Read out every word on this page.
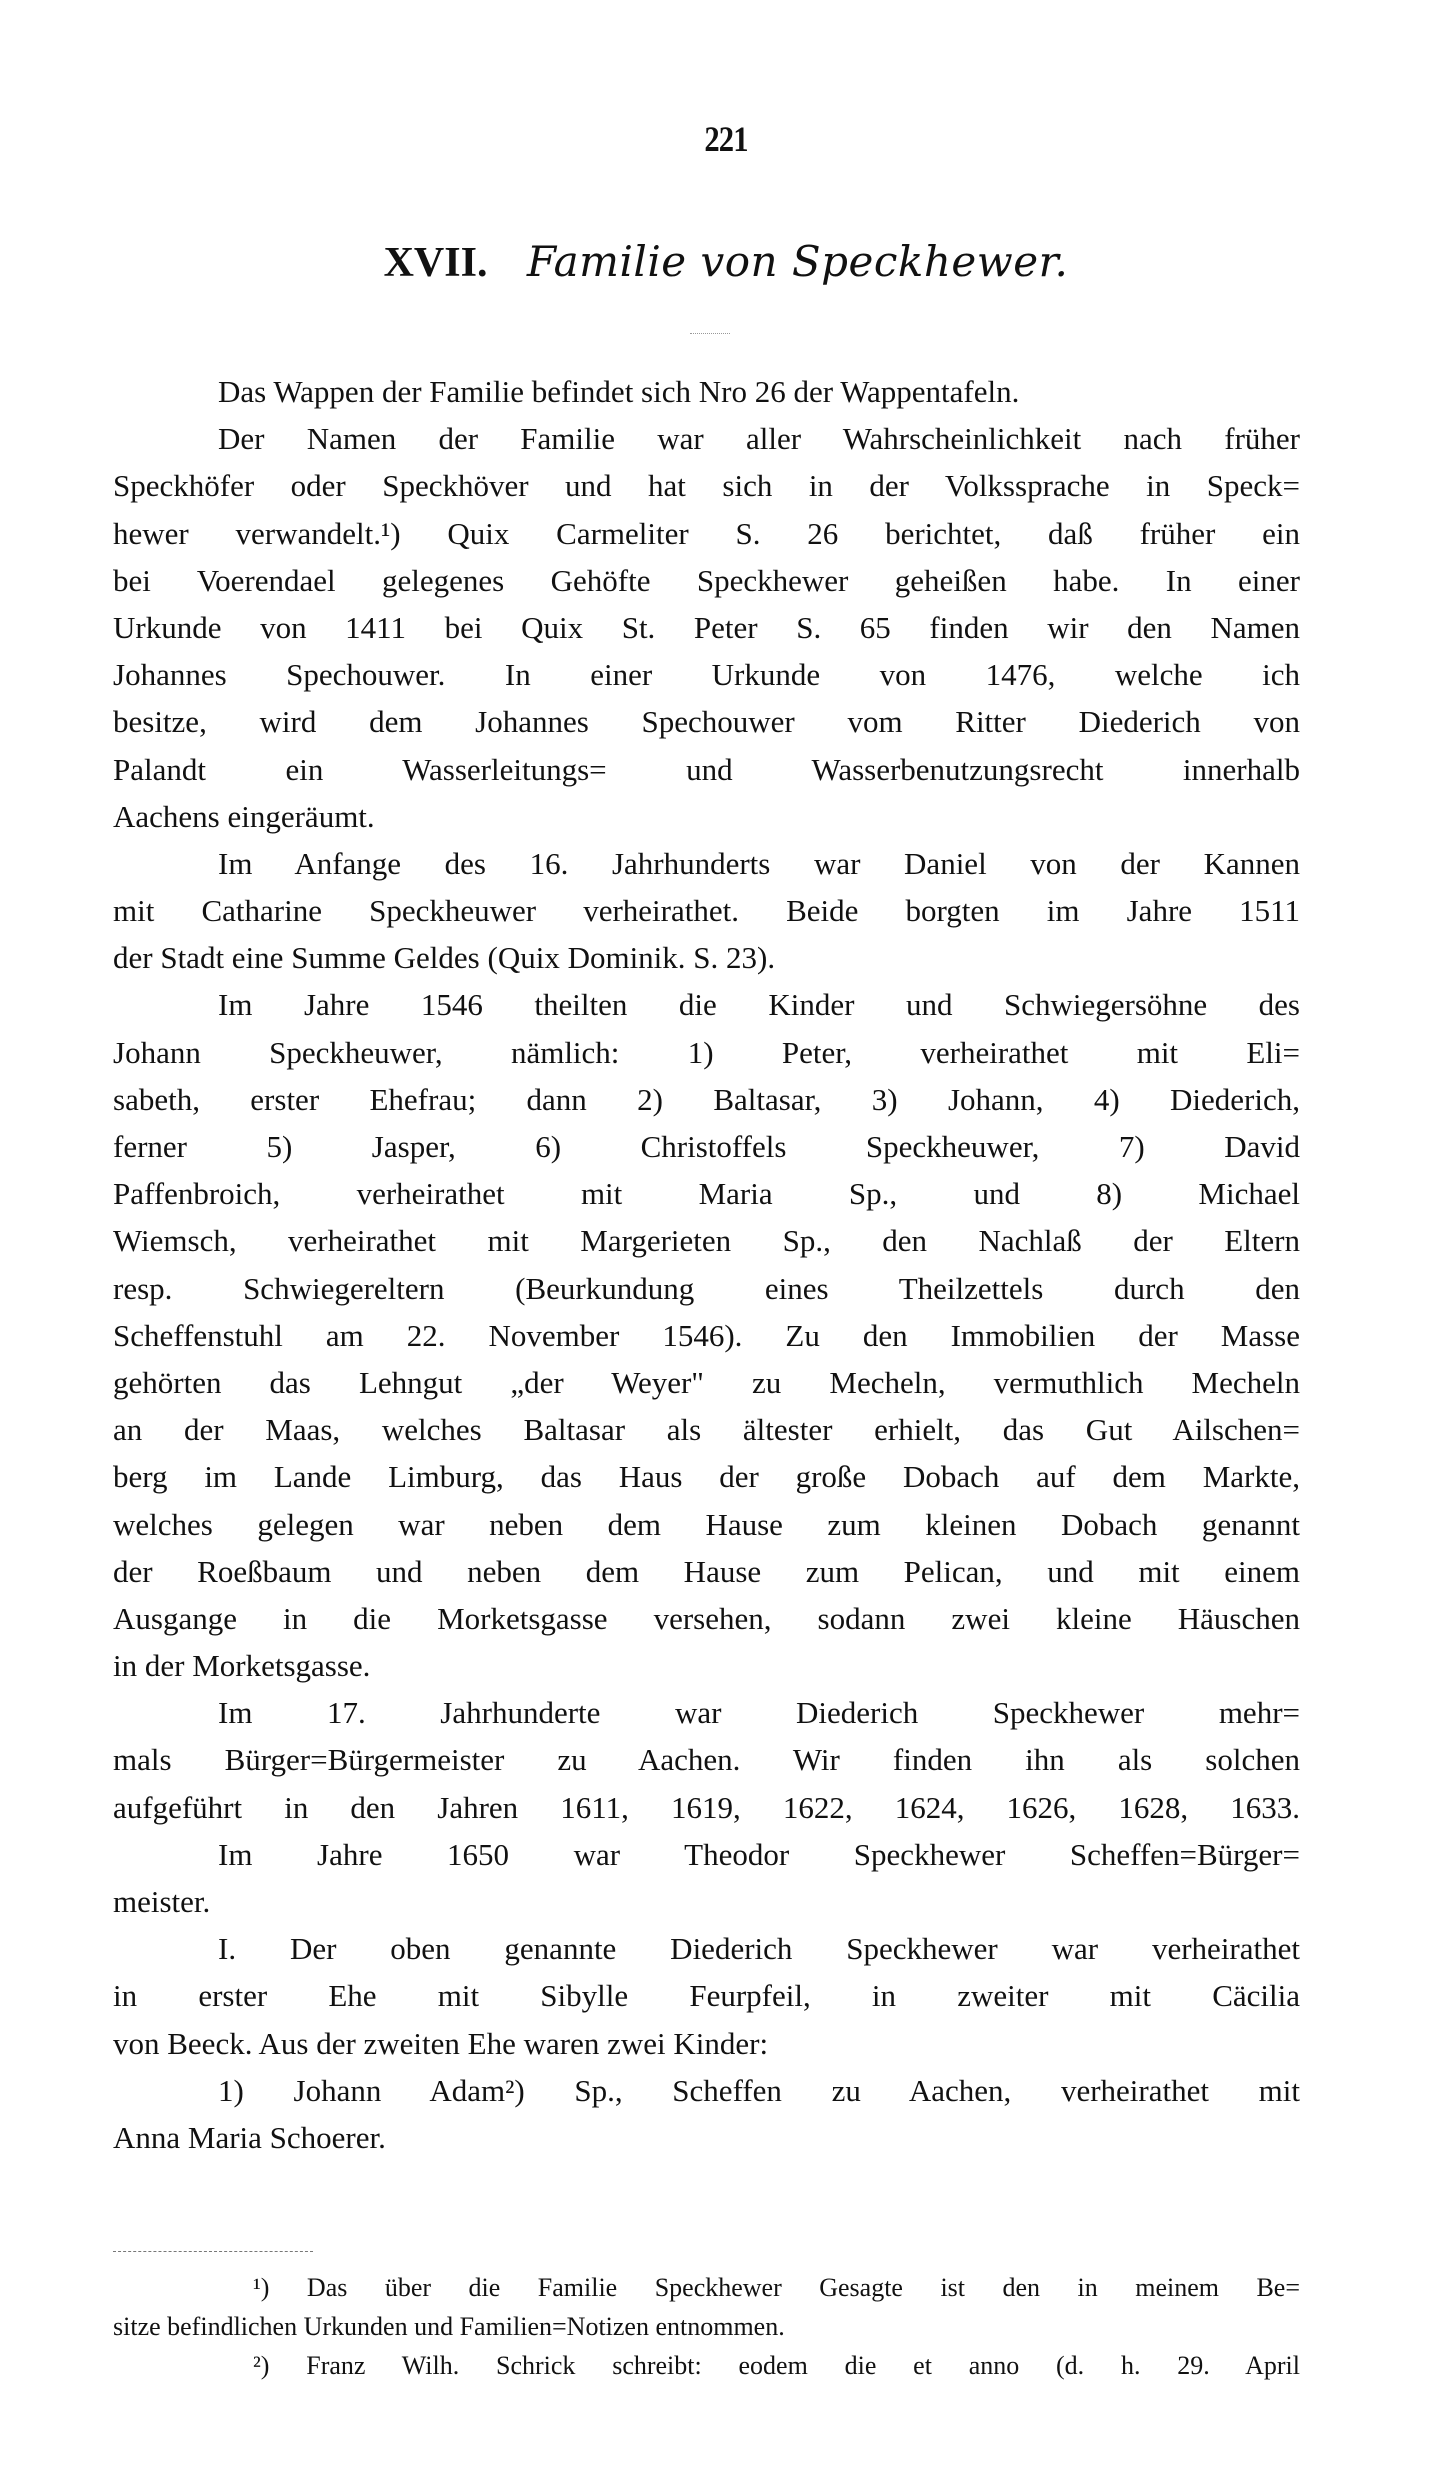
221
XVII. Familie von Speckhewer.
Das Wappen der Familie befindet sich Nro 26 der Wappentafeln.
Der Namen der Familie war aller Wahrscheinlichkeit nach früher
Speckhöfer oder Speckhöver und hat sich in der Volkssprache in Speck=
hewer verwandelt.¹) Quix Carmeliter S. 26 berichtet, daß früher ein
bei Voerendael gelegenes Gehöfte Speckhewer geheißen habe. In einer
Urkunde von 1411 bei Quix St. Peter S. 65 finden wir den Namen
Johannes Spechouwer. In einer Urkunde von 1476, welche ich
besitze, wird dem Johannes Spechouwer vom Ritter Diederich von
Palandt ein Wasserleitungs= und Wasserbenutzungsrecht innerhalb
Aachens eingeräumt.
Im Anfange des 16. Jahrhunderts war Daniel von der Kannen
mit Catharine Speckheuwer verheirathet. Beide borgten im Jahre 1511
der Stadt eine Summe Geldes (Quix Dominik. S. 23).
Im Jahre 1546 theilten die Kinder und Schwiegersöhne des
Johann Speckheuwer, nämlich: 1) Peter, verheirathet mit Eli=
sabeth, erster Ehefrau; dann 2) Baltasar, 3) Johann, 4) Diederich,
ferner 5) Jasper, 6) Christoffels Speckheuwer, 7) David
Paffenbroich, verheirathet mit Maria Sp., und 8) Michael
Wiemsch, verheirathet mit Margerieten Sp., den Nachlaß der Eltern
resp. Schwiegereltern (Beurkundung eines Theilzettels durch den
Scheffenstuhl am 22. November 1546). Zu den Immobilien der Masse
gehörten das Lehngut „der Weyer" zu Mecheln, vermuthlich Mecheln
an der Maas, welches Baltasar als ältester erhielt, das Gut Ailschen=
berg im Lande Limburg, das Haus der große Dobach auf dem Markte,
welches gelegen war neben dem Hause zum kleinen Dobach genannt
der Roeßbaum und neben dem Hause zum Pelican, und mit einem
Ausgange in die Morketsgasse versehen, sodann zwei kleine Häuschen
in der Morketsgasse.
Im 17. Jahrhunderte war Diederich Speckhewer mehr=
mals Bürger=Bürgermeister zu Aachen. Wir finden ihn als solchen
aufgeführt in den Jahren 1611, 1619, 1622, 1624, 1626, 1628, 1633.
Im Jahre 1650 war Theodor Speckhewer Scheffen=Bürger=
meister.
I. Der oben genannte Diederich Speckhewer war verheirathet
in erster Ehe mit Sibylle Feurpfeil, in zweiter mit Cäcilia
von Beeck. Aus der zweiten Ehe waren zwei Kinder:
1) Johann Adam²) Sp., Scheffen zu Aachen, verheirathet mit
Anna Maria Schoerer.
¹) Das über die Familie Speckhewer Gesagte ist den in meinem Be=
sitze befindlichen Urkunden und Familien=Notizen entnommen.
²) Franz Wilh. Schrick schreibt: eodem die et anno (d. h. 29. April
